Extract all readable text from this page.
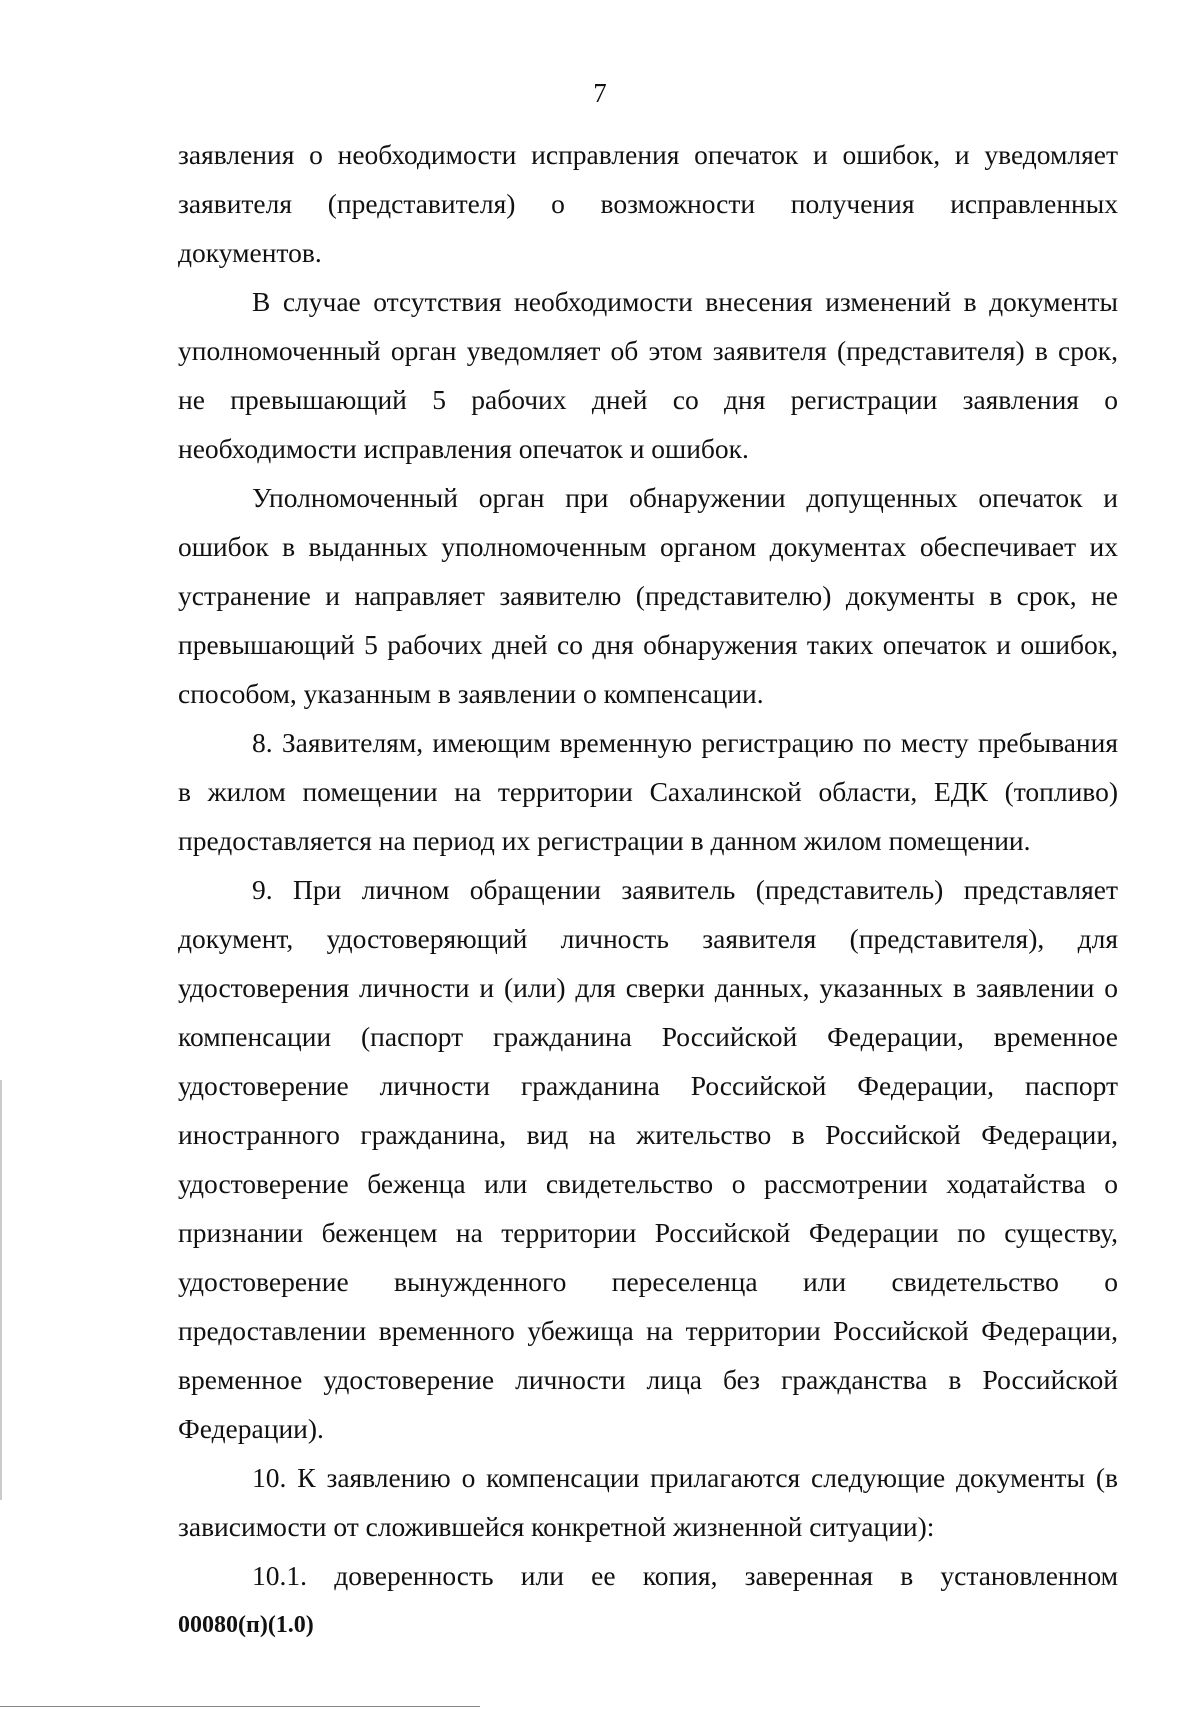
7

заявления о необходимости исправления опечаток и ошибок, и уведомляет заявителя (представителя) о возможности получения исправленных документов.

В случае отсутствия необходимости внесения изменений в документы уполномоченный орган уведомляет об этом заявителя (представителя) в срок, не превышающий 5 рабочих дней со дня регистрации заявления о необходимости исправления опечаток и ошибок.

Уполномоченный орган при обнаружении допущенных опечаток и ошибок в выданных уполномоченным органом документах обеспечивает их устранение и направляет заявителю (представителю) документы в срок, не превышающий 5 рабочих дней со дня обнаружения таких опечаток и ошибок, способом, указанным в заявлении о компенсации.

8. Заявителям, имеющим временную регистрацию по месту пребывания в жилом помещении на территории Сахалинской области, ЕДК (топливо) предоставляется на период их регистрации в данном жилом помещении.

9. При личном обращении заявитель (представитель) представляет документ, удостоверяющий личность заявителя (представителя), для удостоверения личности и (или) для сверки данных, указанных в заявлении о компенсации (паспорт гражданина Российской Федерации, временное удостоверение личности гражданина Российской Федерации, паспорт иностранного гражданина, вид на жительство в Российской Федерации, удостоверение беженца или свидетельство о рассмотрении ходатайства о признании беженцем на территории Российской Федерации по существу, удостоверение вынужденного переселенца или свидетельство о предоставлении временного убежища на территории Российской Федерации, временное удостоверение личности лица без гражданства в Российской Федерации).

10. К заявлению о компенсации прилагаются следующие документы (в зависимости от сложившейся конкретной жизненной ситуации):

10.1. доверенность или ее копия, заверенная в установленном

00080(п)(1.0)
